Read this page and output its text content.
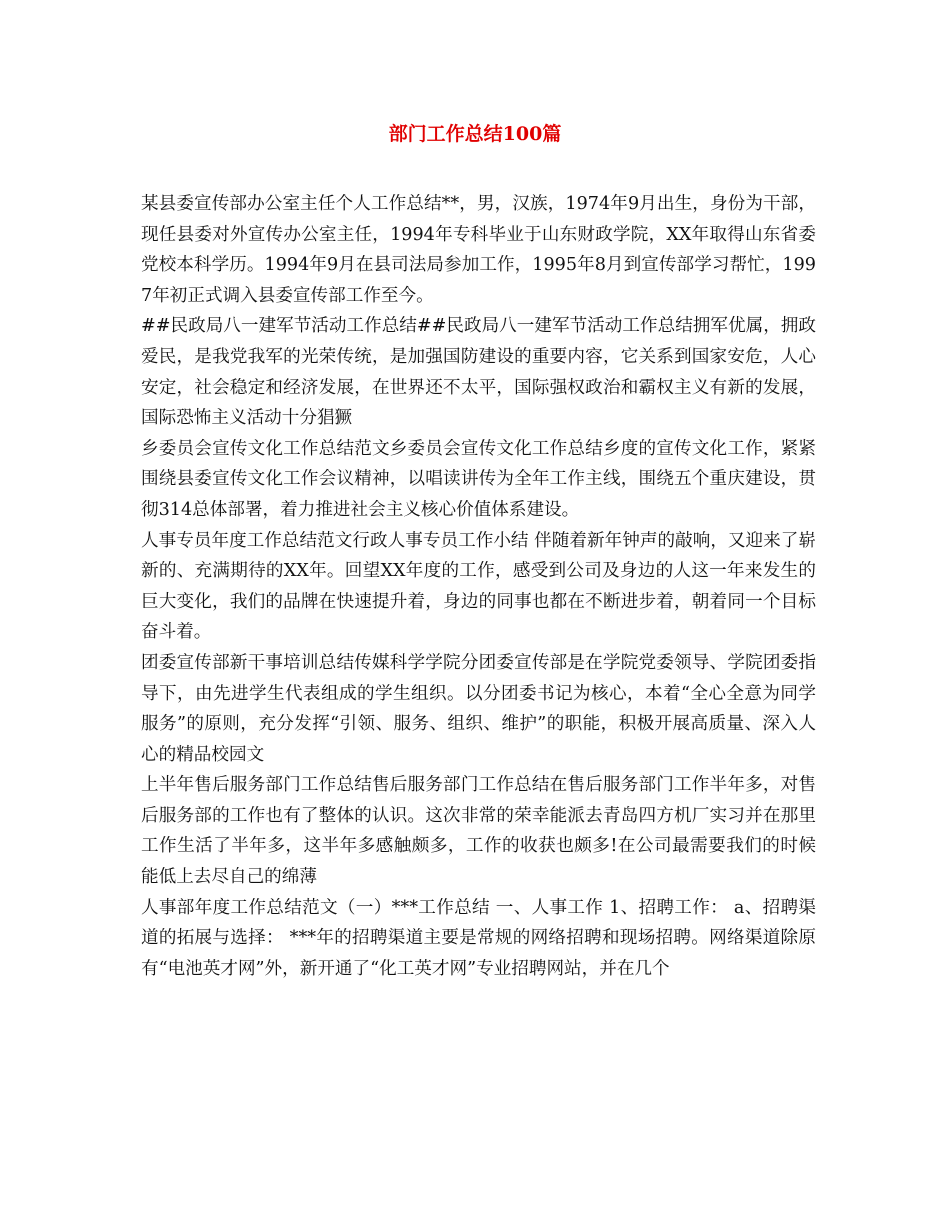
部门工作总结100篇

某县委宣传部办公室主任个人工作总结**，男，汉族，1974年9月出生，身份为干部，现任县委对外宣传办公室主任，1994年专科毕业于山东财政学院，XX年取得山东省委党校本科学历。1994年9月在县司法局参加工作，1995年8月到宣传部学习帮忙，1997年初正式调入县委宣传部工作至今。

##民政局八一建军节活动工作总结##民政局八一建军节活动工作总结拥军优属，拥政爱民，是我党我军的光荣传统，是加强国防建设的重要内容，它关系到国家安危，人心安定，社会稳定和经济发展，在世界还不太平，国际强权政治和霸权主义有新的发展，国际恐怖主义活动十分猖獗

乡委员会宣传文化工作总结范文乡委员会宣传文化工作总结乡度的宣传文化工作，紧紧围绕县委宣传文化工作会议精神，以唱读讲传为全年工作主线，围绕五个重庆建设，贯彻314总体部署，着力推进社会主义核心价值体系建设。

人事专员年度工作总结范文行政人事专员工作小结 伴随着新年钟声的敲响，又迎来了崭新的、充满期待的XX年。回望XX年度的工作，感受到公司及身边的人这一年来发生的巨大变化，我们的品牌在快速提升着，身边的同事也都在不断进步着，朝着同一个目标奋斗着。

团委宣传部新干事培训总结传媒科学学院分团委宣传部是在学院党委领导、学院团委指导下，由先进学生代表组成的学生组织。以分团委书记为核心，本着“全心全意为同学服务”的原则，充分发挥“引领、服务、组织、维护”的职能，积极开展高质量、深入人心的精品校园文

上半年售后服务部门工作总结售后服务部门工作总结在售后服务部门工作半年多，对售后服务部的工作也有了整体的认识。这次非常的荣幸能派去青岛四方机厂实习并在那里工作生活了半年多，这半年多感触颇多，工作的收获也颇多!在公司最需要我们的时候能低上去尽自己的绵薄

人事部年度工作总结范文（一）***工作总结 一、人事工作 1、招聘工作： a、招聘渠道的拓展与选择： ***年的招聘渠道主要是常规的网络招聘和现场招聘。网络渠道除原有“电池英才网”外，新开通了“化工英才网”专业招聘网站，并在几个
